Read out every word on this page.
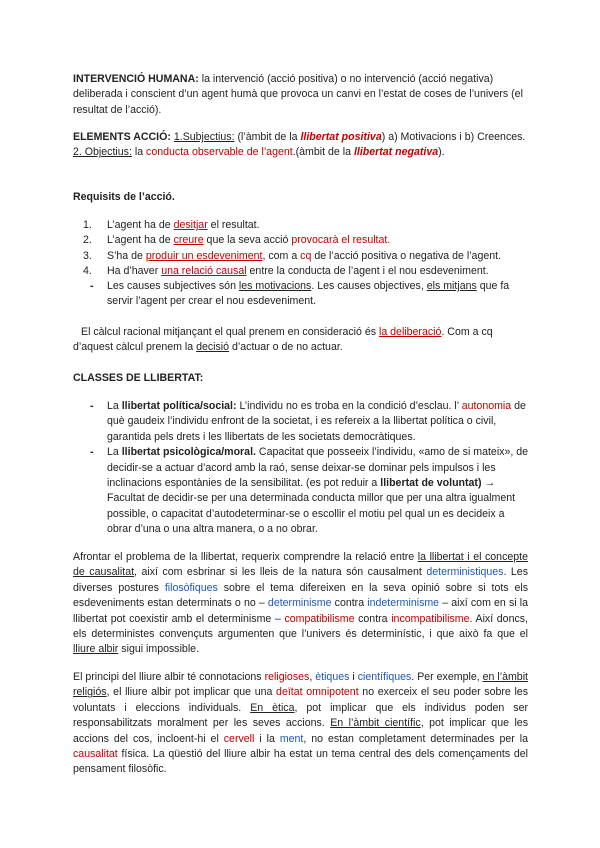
INTERVENCIÓ HUMANA: la intervenció (acció positiva) o no intervenció (acció negativa) deliberada i conscient d’un agent humà que provoca un canvi en l’estat de coses de l’univers (el resultat de l’acció).

ELEMENTS ACCIÓ: 1.Subjectius: (l’àmbit de la llibertat positiva) a) Motivacions i b) Creences.
2. Objectius: la conducta observable de l’agent.(àmbit de la llibertat negativa).

Requisits de l’acció.

1. L’agent ha de desitjar el resultat.
2. L’agent ha de creure que la seva acció provocarà el resultat.
3. S’ha de produir un esdeveniment, com a cq de l’acció positiva o negativa de l’agent.
4. Ha d’haver una relació causal entre la conducta de l’agent i el nou esdeveniment.
- Les causes subjectives són les motivacions. Les causes objectives, els mitjans que fa servir l’agent per crear el nou esdeveniment.

El càlcul racional mitjançant el qual prenem en consideració és la deliberació. Com a cq d’aquest càlcul prenem la decisió d’actuar o de no actuar.

CLASSES DE LLIBERTAT:

- La llibertat política/social: L’individu no es troba en la condició d’esclau. l’ autonomia de què gaudeix l’individu enfront de la societat, i es refereix a la llibertat política o civil, garantida pels drets i les llibertats de les societats democràtiques.
- La llibertat psicològica/moral. Capacitat que posseeix l’individu, «amo de si mateix», de decidir-se a actuar d’acord amb la raó, sense deixar-se dominar pels impulsos i les inclinacions espontànies de la sensibilitat. (es pot reduir a llibertat de voluntat) → Facultat de decidir-se per una determinada conducta millor que per una altra igualment possible, o capacitat d’autodeterminar-se o escollir el motiu pel qual un es decideix a obrar d’una o una altra manera, o a no obrar.

Afrontar el problema de la llibertat, requerix comprendre la relació entre la llibertat i el concepte de causalitat, així com esbrinar si les lleis de la natura són causalment deterministiques. Les diverses postures filosòfiques sobre el tema difereixen en la seva opinió sobre si tots els esdeveniments estan determinats o no – determinisme contra indeterminisme – així com en si la llibertat pot coexistir amb el determinisme – compatibilisme contra incompatibilisme. Així doncs, els deterministes convençuts argumenten que l’univers és determinístic, i que això fa que el lliure albir sigui impossible.

El principi del lliure albir té connotacions religioses, ètiques i científiques. Per exemple, en l’àmbit religiós, el lliure albir pot implicar que una deïtat omnipotent no exerceix el seu poder sobre les voluntats i eleccions individuals. En ètica, pot implicar que els individus poden ser responsabilitzats moralment per les seves accions. En l’àmbit científic, pot implicar que les accions del cos, incloent-hi el cervell i la ment, no estan completament determinades per la causalitat física. La qüestió del lliure albir ha estat un tema central des dels començaments del pensament filosòfic.
